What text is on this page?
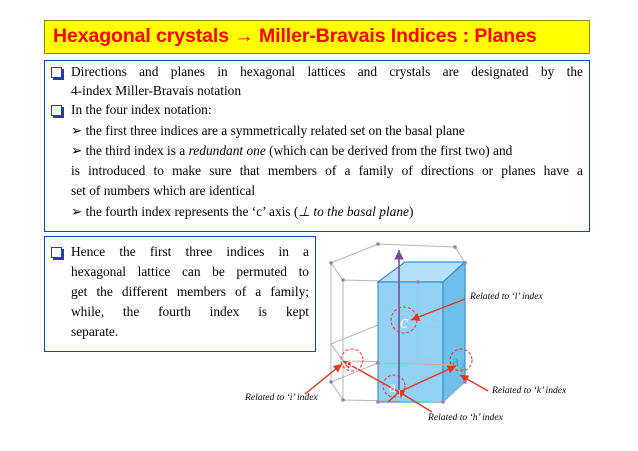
Hexagonal crystals → Miller-Bravais Indices : Planes
Directions and planes in hexagonal lattices and crystals are designated by the
4-index Miller-Bravais notation
In the four index notation:
➢ the first three indices are a symmetrically related set on the basal plane
➢ the third index is a redundant one (which can be derived from the first two) and
is introduced to make sure that members of a family of directions or planes have a
set of numbers which are identical
➢ the fourth index represents the ‘c’ axis (⊥ to the basal plane)
Hence the first three indices in a
hexagonal lattice can be permuted to
get the different members of a family;
while, the fourth index is kept
separate.	c
a 3
a 1
a 2
Related to ‘l’ index
Related to ‘k’ index
Related to ‘i’ index
Related to ‘h’ index
